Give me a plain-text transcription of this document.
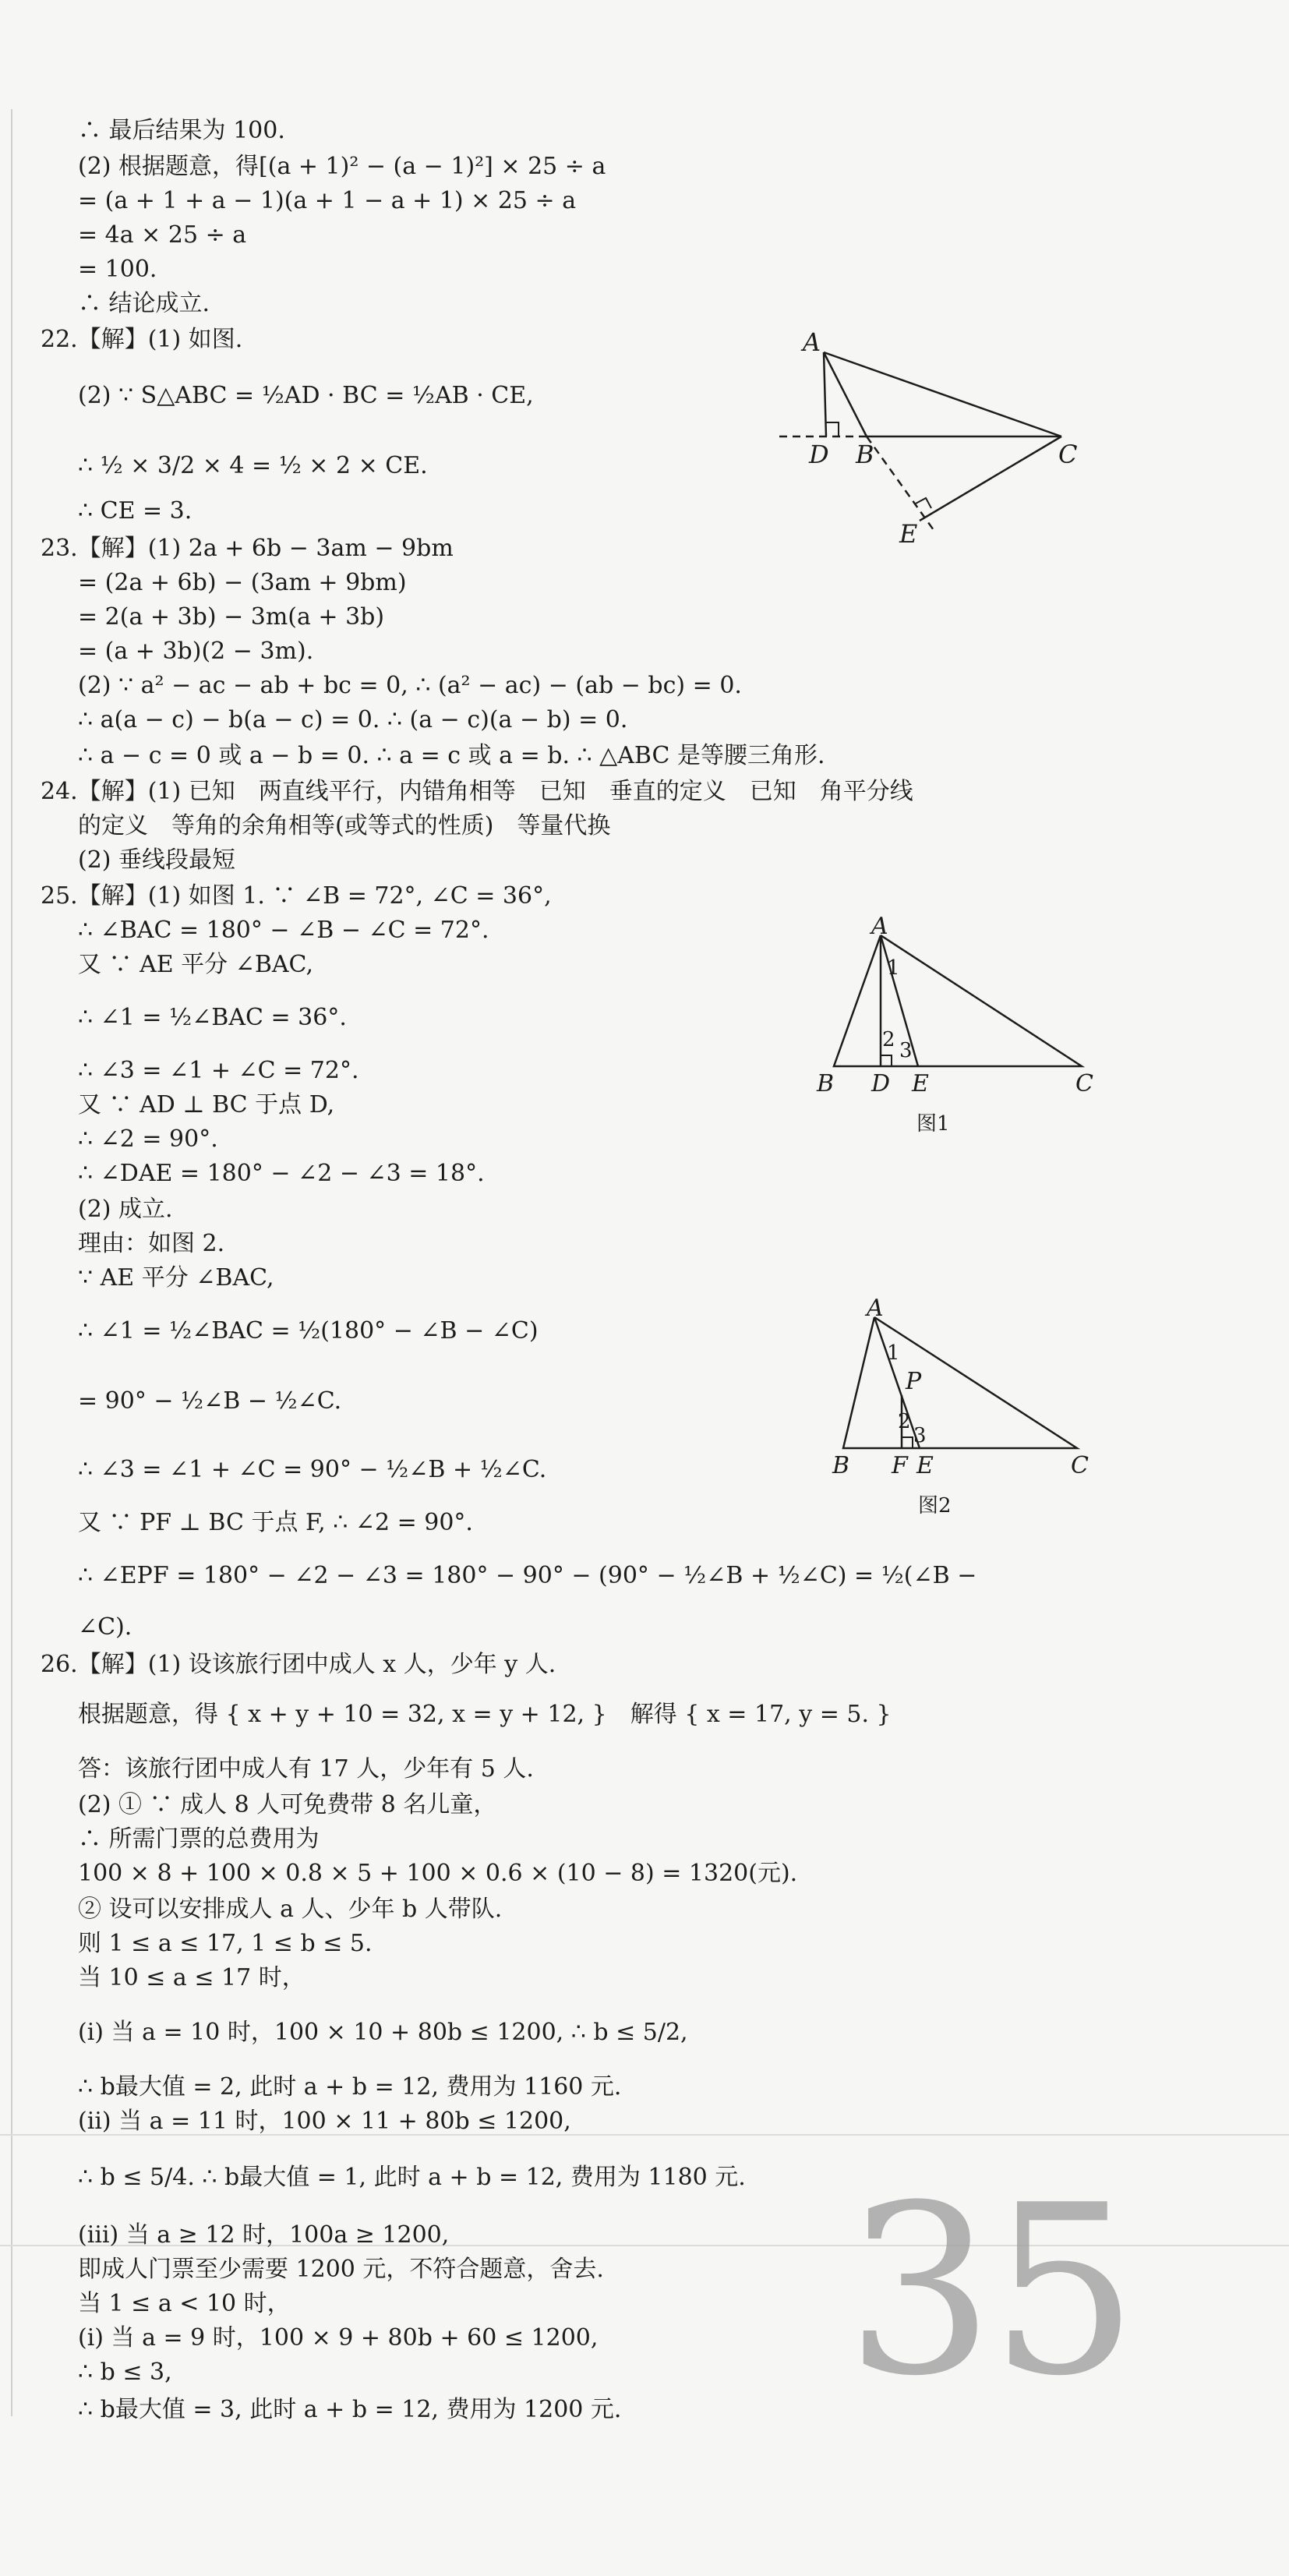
∴ 最后结果为 100.
(2) 根据题意，得[(a + 1)² − (a − 1)²] × 25 ÷ a
= (a + 1 + a − 1)(a + 1 − a + 1) × 25 ÷ a
= 4a × 25 ÷ a
= 100.
∴ 结论成立.
22.【解】(1) 如图.
(2) ∵ S△ABC = ½AD · BC = ½AB · CE,
∴ ½ × 3/2 × 4 = ½ × 2 × CE.
∴ CE = 3.
23.【解】(1) 2a + 6b − 3am − 9bm
= (2a + 6b) − (3am + 9bm)
= 2(a + 3b) − 3m(a + 3b)
= (a + 3b)(2 − 3m).
(2) ∵ a² − ac − ab + bc = 0, ∴ (a² − ac) − (ab − bc) = 0.
∴ a(a − c) − b(a − c) = 0. ∴ (a − c)(a − b) = 0.
∴ a − c = 0 或 a − b = 0. ∴ a = c 或 a = b. ∴ △ABC 是等腰三角形.
24.【解】(1) 已知　两直线平行，内错角相等　已知　垂直的定义　已知　角平分线
的定义　等角的余角相等(或等式的性质)　等量代换
(2) 垂线段最短
25.【解】(1) 如图 1. ∵ ∠B = 72°, ∠C = 36°,
∴ ∠BAC = 180° − ∠B − ∠C = 72°.
又 ∵ AE 平分 ∠BAC,
∴ ∠1 = ½∠BAC = 36°.
∴ ∠3 = ∠1 + ∠C = 72°.
又 ∵ AD ⊥ BC 于点 D,
∴ ∠2 = 90°.
∴ ∠DAE = 180° − ∠2 − ∠3 = 18°.
(2) 成立.
理由：如图 2.
∵ AE 平分 ∠BAC,
∴ ∠1 = ½∠BAC = ½(180° − ∠B − ∠C)
= 90° − ½∠B − ½∠C.
∴ ∠3 = ∠1 + ∠C = 90° − ½∠B + ½∠C.
又 ∵ PF ⊥ BC 于点 F, ∴ ∠2 = 90°.
∴ ∠EPF = 180° − ∠2 − ∠3 = 180° − 90° − (90° − ½∠B + ½∠C) = ½(∠B −
∠C).
26.【解】(1) 设该旅行团中成人 x 人，少年 y 人.
根据题意，得 { x + y + 10 = 32, x = y + 12, }　解得 { x = 17, y = 5. }
答：该旅行团中成人有 17 人，少年有 5 人.
(2) ① ∵ 成人 8 人可免费带 8 名儿童，
∴ 所需门票的总费用为
100 × 8 + 100 × 0.8 × 5 + 100 × 0.6 × (10 − 8) = 1320(元).
② 设可以安排成人 a 人、少年 b 人带队.
则 1 ≤ a ≤ 17, 1 ≤ b ≤ 5.
当 10 ≤ a ≤ 17 时，
(ⅰ) 当 a = 10 时，100 × 10 + 80b ≤ 1200, ∴ b ≤ 5/2,
∴ b最大值 = 2, 此时 a + b = 12, 费用为 1160 元.
(ⅱ) 当 a = 11 时，100 × 11 + 80b ≤ 1200,
∴ b ≤ 5/4. ∴ b最大值 = 1, 此时 a + b = 12, 费用为 1180 元.
(ⅲ) 当 a ≥ 12 时，100a ≥ 1200,
即成人门票至少需要 1200 元，不符合题意，舍去.
当 1 ≤ a < 10 时，
(ⅰ) 当 a = 9 时，100 × 9 + 80b + 60 ≤ 1200,
∴ b ≤ 3,
∴ b最大值 = 3, 此时 a + b = 12, 费用为 1200 元.
A
D B	C
E
A
B D E	C
1
2 3
图1
A
P
B F E	C
1
2
3
图2
35
